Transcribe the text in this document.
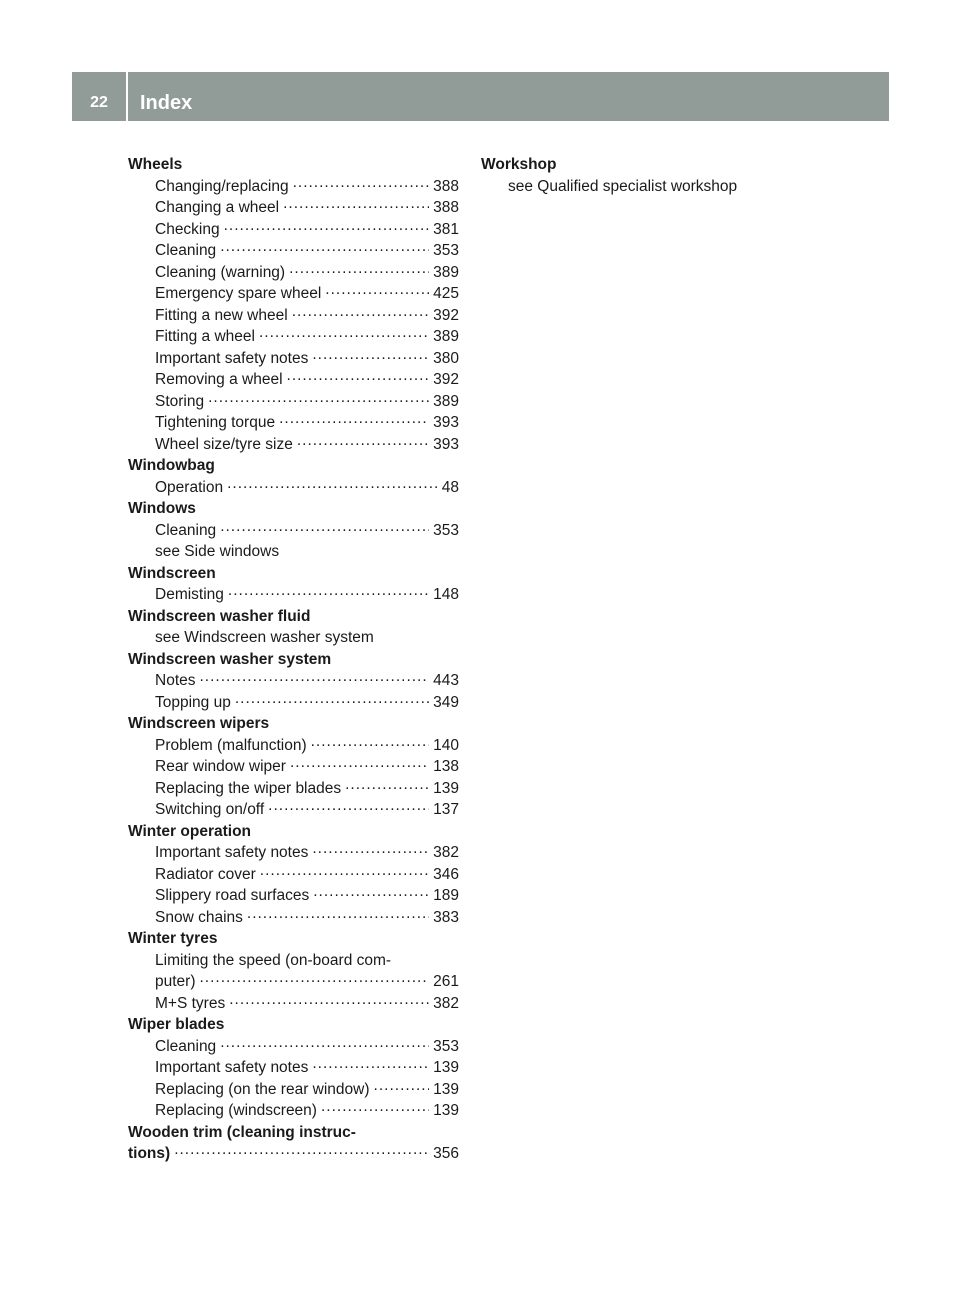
22	Index
Wheels
Changing/replacing .....	388
Changing a wheel .....	388
Checking .....	381
Cleaning .....	353
Cleaning (warning) .....	389
Emergency spare wheel .....	425
Fitting a new wheel .....	392
Fitting a wheel .....	389
Important safety notes .....	380
Removing a wheel .....	392
Storing .....	389
Tightening torque .....	393
Wheel size/tyre size .....	393
Windowbag
Operation .....	48
Windows
Cleaning .....	353
see Side windows
Windscreen
Demisting .....	148
Windscreen washer fluid
see Windscreen washer system
Windscreen washer system
Notes .....	443
Topping up .....	349
Windscreen wipers
Problem (malfunction) .....	140
Rear window wiper .....	138
Replacing the wiper blades .....	139
Switching on/off .....	137
Winter operation
Important safety notes .....	382
Radiator cover .....	346
Slippery road surfaces .....	189
Snow chains .....	383
Winter tyres
Limiting the speed (on-board com-
puter) .....	261
M+S tyres .....	382
Wiper blades
Cleaning .....	353
Important safety notes .....	139
Replacing (on the rear window) .....	139
Replacing (windscreen) .....	139
Wooden trim (cleaning instruc-
tions) .....	356
Workshop
see Qualified specialist workshop
